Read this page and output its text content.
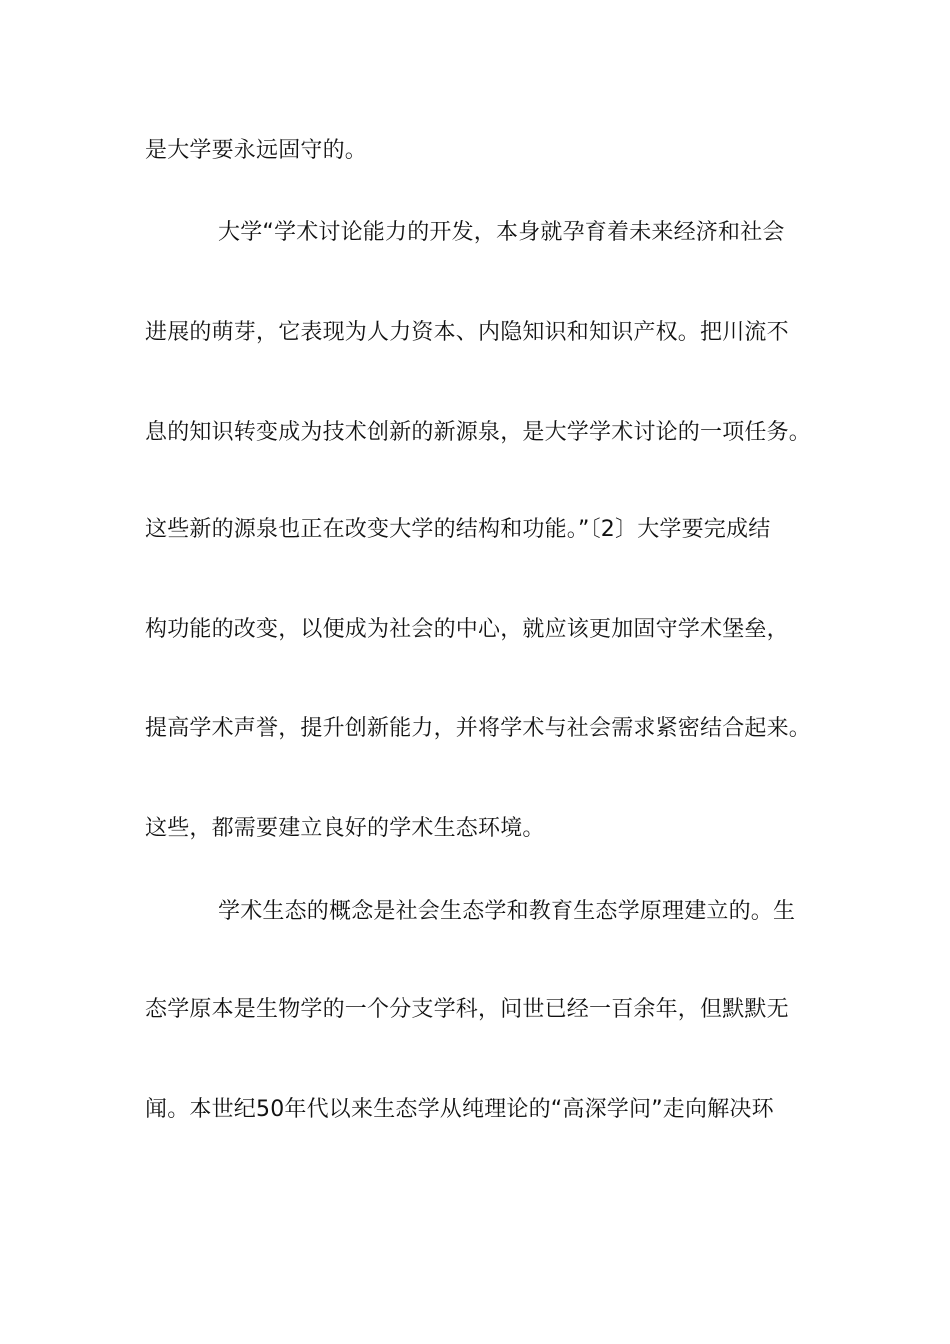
是大学要永远固守的。
大学“学术讨论能力的开发，本身就孕育着未来经济和社会
进展的萌芽，它表现为人力资本、内隐知识和知识产权。把川流不
息的知识转变成为技术创新的新源泉，是大学学术讨论的一项任务。
这些新的源泉也正在改变大学的结构和功能。”〔2〕大学要完成结
构功能的改变，以便成为社会的中心，就应该更加固守学术堡垒，
提高学术声誉，提升创新能力，并将学术与社会需求紧密结合起来。
这些，都需要建立良好的学术生态环境。
学术生态的概念是社会生态学和教育生态学原理建立的。生
态学原本是生物学的一个分支学科，问世已经一百余年，但默默无
闻。本世纪50年代以来生态学从纯理论的“高深学问”走向解决环
